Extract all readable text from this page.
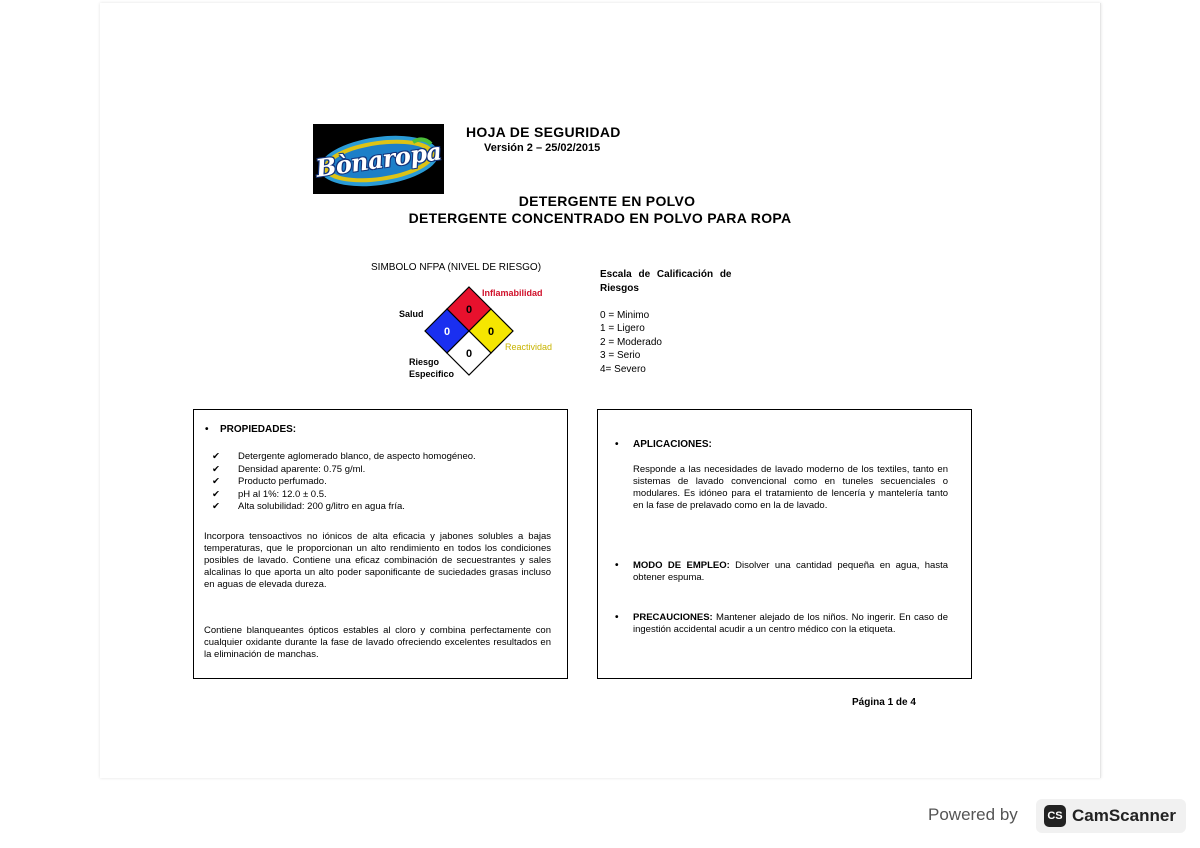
Bònaropa
HOJA DE SEGURIDAD
Versión 2 – 25/02/2015
DETERGENTE EN POLVO
DETERGENTE CONCENTRADO EN POLVO PARA ROPA
SIMBOLO NFPA (NIVEL DE RIESGO)
0
0	0
0
Inflamabilidad
Salud
Reactividad
Riesgo
Especifico
Escala de Calificación de Riesgos
0 = Minimo
1 = Ligero
2 = Moderado
3 = Serio
4= Severo
• PROPIEDADES:
✔ Detergente aglomerado blanco, de aspecto homogéneo.
✔ Densidad aparente: 0.75 g/ml.
✔ Producto perfumado.
✔ pH al 1%: 12.0 ± 0.5.
✔ Alta solubilidad: 200 g/litro en agua fría.
Incorpora tensoactivos no iónicos de alta eficacia y jabones solubles a bajas temperaturas, que le proporcionan un alto rendimiento en todos los condiciones posibles de lavado. Contiene una eficaz combinación de secuestrantes y sales alcalinas lo que aporta un alto poder saponificante de suciedades grasas incluso en aguas de elevada dureza.
Contiene blanqueantes ópticos estables al cloro y combina perfectamente con cualquier oxidante durante la fase de lavado ofreciendo excelentes resultados en la eliminación de manchas.
• APLICACIONES:
Responde a las necesidades de lavado moderno de los textiles, tanto en sistemas de lavado convencional como en tuneles secuenciales o modulares. Es idóneo para el tratamiento de lencería y mantelería tanto en la fase de prelavado como en la de lavado.
• MODO DE EMPLEO: Disolver una cantidad pequeña en agua, hasta obtener espuma.
• PRECAUCIONES: Mantener alejado de los niños. No ingerir. En caso de ingestión accidental acudir a un centro médico con la etiqueta.
Página 1 de 4
Powered by	CS CamScanner
